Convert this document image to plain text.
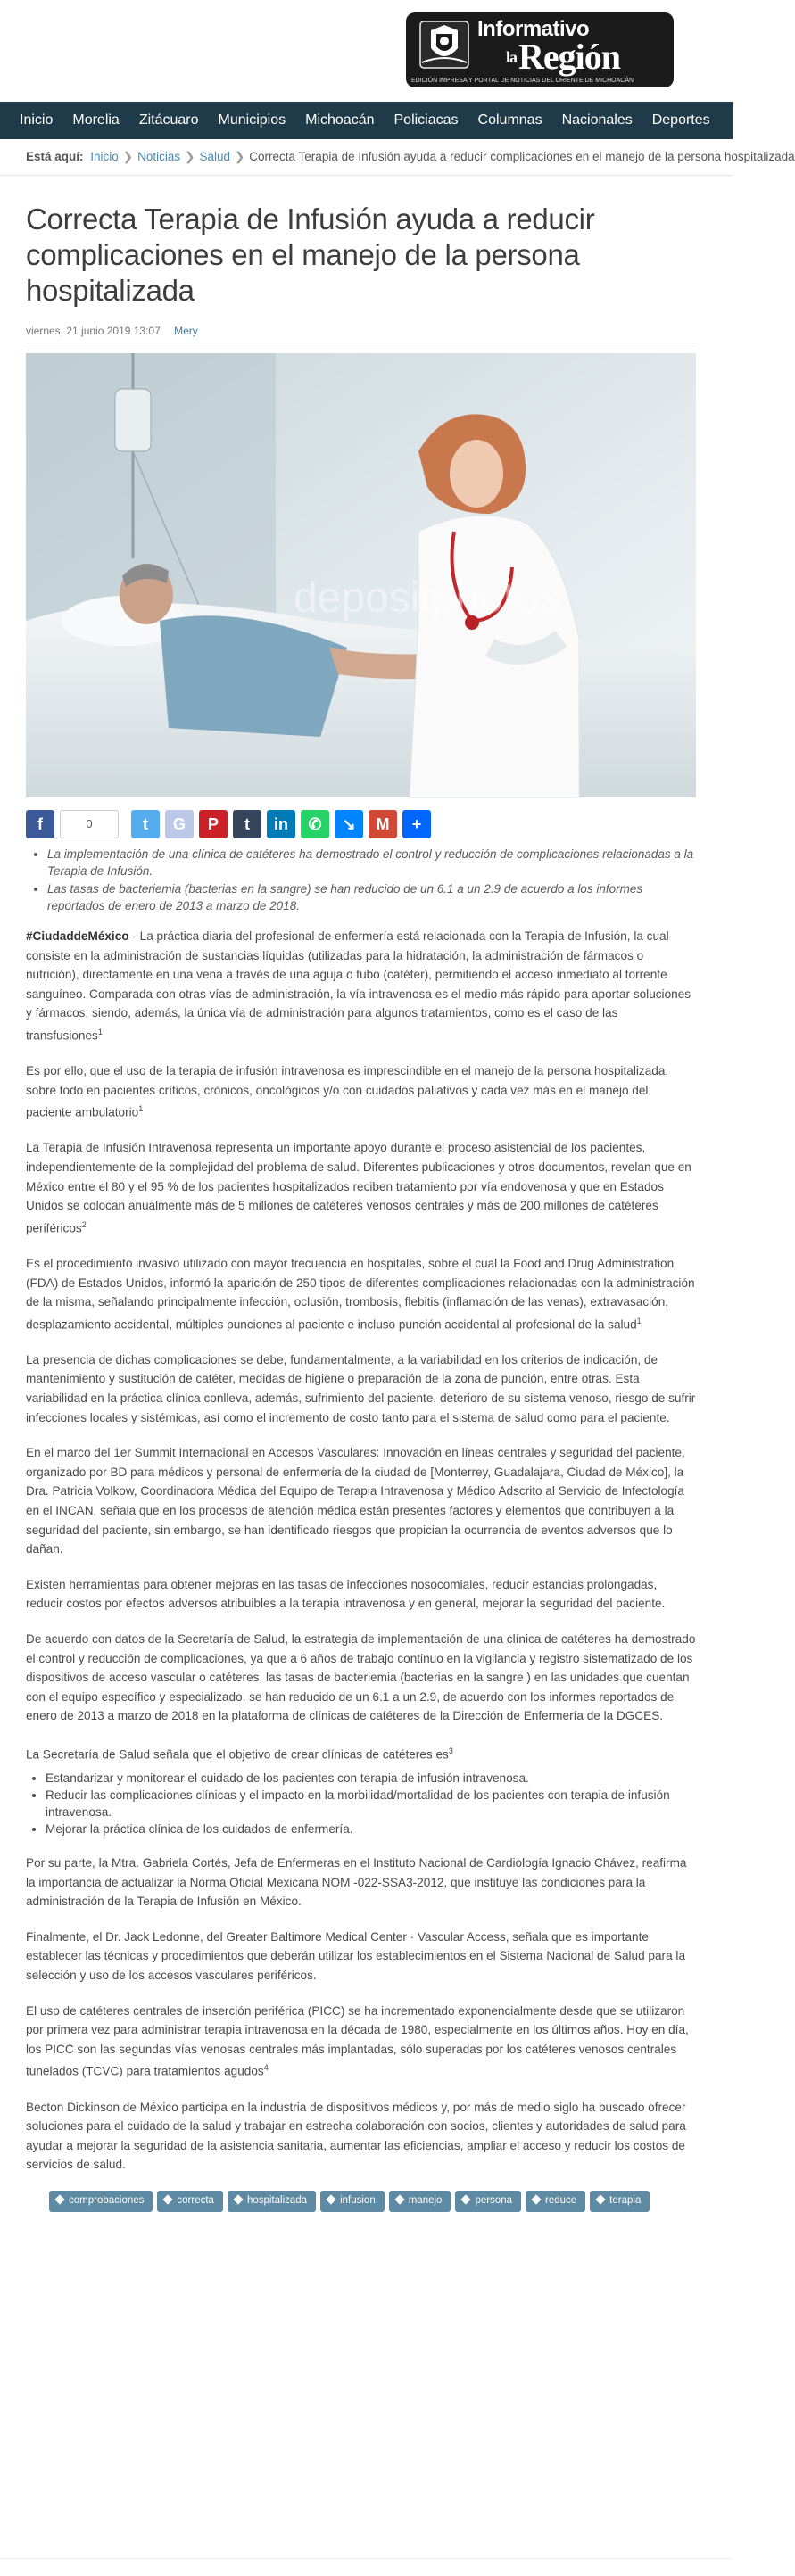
Informativo
$^{la}$Región
EDICIÓN IMPRESA Y PORTAL DE NOTICIAS DEL ORIENTE DE MICHOACÁN
Inicio Morelia Zitácuaro Municipios Michoacán Policiacas Columnas Nacionales Deportes
Está aquí: Inicio ❯ Noticias ❯ Salud ❯ Correcta Terapia de Infusión ayuda a reducir complicaciones en el manejo de la persona hospitalizada
Correcta Terapia de Infusión ayuda a reducir complicaciones en el manejo de la persona hospitalizada
viernes, 21 junio 2019 13:07 Mery
depositphotos
f	0	t G P t in ✆ ↘ M +
• La implementación de una clínica de catéteres ha demostrado el control y reducción de complicaciones relacionadas a la Terapia de Infusión.
• Las tasas de bacteriemia (bacterias en la sangre) se han reducido de un 6.1 a un 2.9 de acuerdo a los informes reportados de enero de 2013 a marzo de 2018.

#CiudaddeMéxico - La práctica diaria del profesional de enfermería está relacionada con la Terapia de Infusión, la cual consiste en la administración de sustancias líquidas (utilizadas para la hidratación, la administración de fármacos o nutrición), directamente en una vena a través de una aguja o tubo (catéter), permitiendo el acceso inmediato al torrente sanguíneo. Comparada con otras vías de administración, la vía intravenosa es el medio más rápido para aportar soluciones y fármacos; siendo, además, la única vía de administración para algunos tratamientos, como es el caso de las transfusiones$^1$

Es por ello, que el uso de la terapia de infusión intravenosa es imprescindible en el manejo de la persona hospitalizada, sobre todo en pacientes críticos, crónicos, oncológicos y/o con cuidados paliativos y cada vez más en el manejo del paciente ambulatorio$^1$

La Terapia de Infusión Intravenosa representa un importante apoyo durante el proceso asistencial de los pacientes, independientemente de la complejidad del problema de salud. Diferentes publicaciones y otros documentos, revelan que en México entre el 80 y el 95 % de los pacientes hospitalizados reciben tratamiento por vía endovenosa y que en Estados Unidos se colocan anualmente más de 5 millones de catéteres venosos centrales y más de 200 millones de catéteres periféricos$^2$

Es el procedimiento invasivo utilizado con mayor frecuencia en hospitales, sobre el cual la Food and Drug Administration (FDA) de Estados Unidos, informó la aparición de 250 tipos de diferentes complicaciones relacionadas con la administración de la misma, señalando principalmente infección, oclusión, trombosis, flebitis (inflamación de las venas), extravasación, desplazamiento accidental, múltiples punciones al paciente e incluso punción accidental al profesional de la salud$^1$

La presencia de dichas complicaciones se debe, fundamentalmente, a la variabilidad en los criterios de indicación, de mantenimiento y sustitución de catéter, medidas de higiene o preparación de la zona de punción, entre otras. Esta variabilidad en la práctica clínica conlleva, además, sufrimiento del paciente, deterioro de su sistema venoso, riesgo de sufrir infecciones locales y sistémicas, así como el incremento de costo tanto para el sistema de salud como para el paciente.

En el marco del 1er Summit Internacional en Accesos Vasculares: Innovación en líneas centrales y seguridad del paciente, organizado por BD para médicos y personal de enfermería de la ciudad de [Monterrey, Guadalajara, Ciudad de México], la Dra. Patricia Volkow, Coordinadora Médica del Equipo de Terapia Intravenosa y Médico Adscrito al Servicio de Infectología en el INCAN, señala que en los procesos de atención médica están presentes factores y elementos que contribuyen a la seguridad del paciente, sin embargo, se han identificado riesgos que propician la ocurrencia de eventos adversos que lo dañan.

Existen herramientas para obtener mejoras en las tasas de infecciones nosocomiales, reducir estancias prolongadas, reducir costos por efectos adversos atribuibles a la terapia intravenosa y en general, mejorar la seguridad del paciente.

De acuerdo con datos de la Secretaría de Salud, la estrategia de implementación de una clínica de catéteres ha demostrado el control y reducción de complicaciones, ya que a 6 años de trabajo continuo en la vigilancia y registro sistematizado de los dispositivos de acceso vascular o catéteres, las tasas de bacteriemia (bacterias en la sangre ) en las unidades que cuentan con el equipo específico y especializado, se han reducido de un 6.1 a un 2.9, de acuerdo con los informes reportados de enero de 2013 a marzo de 2018 en la plataforma de clínicas de catéteres de la Dirección de Enfermería de la DGCES.

La Secretaría de Salud señala que el objetivo de crear clínicas de catéteres $es^3$

• Estandarizar y monitorear el cuidado de los pacientes con terapia de infusión intravenosa.
• Reducir las complicaciones clínicas y el impacto en la morbilidad/mortalidad de los pacientes con terapia de infusión intravenosa.
• Mejorar la práctica clínica de los cuidados de enfermería.

Por su parte, la Mtra. Gabriela Cortés, Jefa de Enfermeras en el Instituto Nacional de Cardiología Ignacio Chávez, reafirma la importancia de actualizar la Norma Oficial Mexicana NOM -022-SSA3-2012, que instituye las condiciones para la administración de la Terapia de Infusión en México.

Finalmente, el Dr. Jack Ledonne, del Greater Baltimore Medical Center · Vascular Access, señala que es importante establecer las técnicas y procedimientos que deberán utilizar los establecimientos en el Sistema Nacional de Salud para la selección y uso de los accesos vasculares periféricos.

El uso de catéteres centrales de inserción periférica (PICC) se ha incrementado exponencialmente desde que se utilizaron por primera vez para administrar terapia intravenosa en la década de 1980, especialmente en los últimos años. Hoy en día, los PICC son las segundas vías venosas centrales más implantadas, sólo superadas por los catéteres venosos centrales tunelados (TCVC) para tratamientos agudos$^4$

Becton Dickinson de México participa en la industria de dispositivos médicos y, por más de medio siglo ha buscado ofrecer soluciones para el cuidado de la salud y trabajar en estrecha colaboración con socios, clientes y autoridades de salud para ayudar a mejorar la seguridad de la asistencia sanitaria, aumentar las eficiencias, ampliar el acceso y reducir los costos de servicios de salud.

comprobaciones	correcta	hospitalizada	infusion	manejo	persona	reduce	terapia
